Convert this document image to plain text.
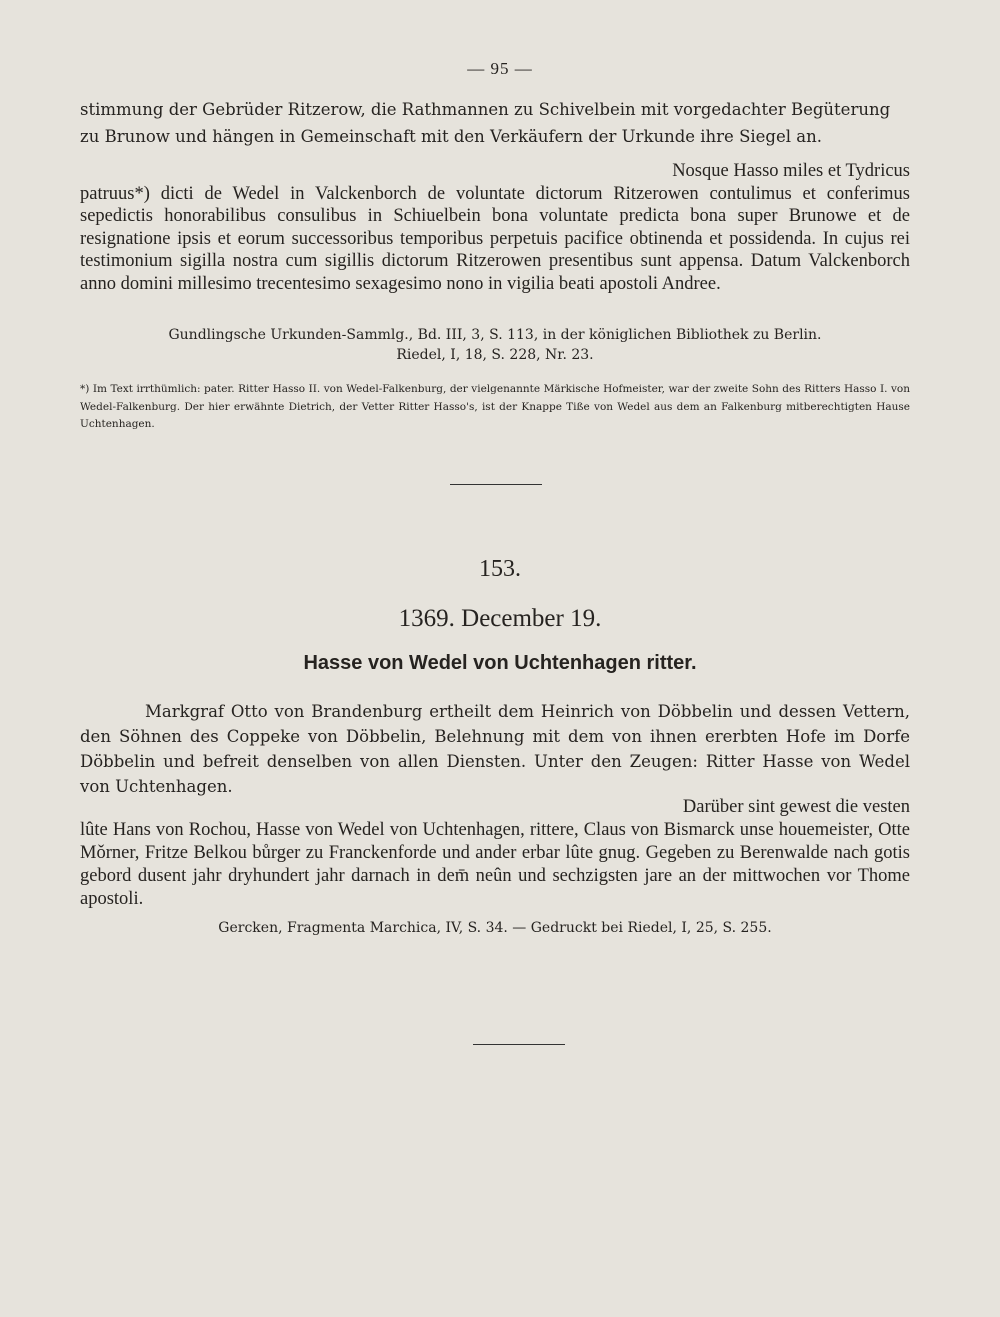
— 95 —

stimmung der Gebrüder Ritzerow, die Rathmannen zu Schivelbein mit vorgedachter Begüterung zu Brunow und hängen in Gemeinschaft mit den Verkäufern der Urkunde ihre Siegel an.

Nosque Hasso miles et Tydricus
patruus*) dicti de Wedel in Valckenborch de voluntate dictorum Ritzerowen contulimus et conferimus sepedictis honorabilibus consulibus in Schiuelbein bona voluntate predicta bona super Brunowe et de resignatione ipsis et eorum successoribus temporibus perpetuis pacifice obtinenda et possidenda. In cujus rei testimonium sigilla nostra cum sigillis dictorum Ritzerowen presentibus sunt appensa. Datum Valckenborch anno domini millesimo trecentesimo sexagesimo nono in vigilia beati apostoli Andree.
Gundlingsche Urkunden-Sammlg., Bd. III, 3, S. 113, in der königlichen Bibliothek zu Berlin.
Riedel, I, 18, S. 228, Nr. 23.

*) Im Text irrthümlich: pater. Ritter Hasso II. von Wedel-Falkenburg, der vielgenannte Märkische Hofmeister, war der zweite Sohn des Ritters Hasso I. von Wedel-Falkenburg. Der hier erwähnte Dietrich, der Vetter Ritter Hasso's, ist der Knappe Tiße von Wedel aus dem an Falkenburg mitberechtigten Hause Uchtenhagen.

153.
1369. December 19.
Hasse von Wedel von Uchtenhagen ritter.

Markgraf Otto von Brandenburg ertheilt dem Heinrich von Döbbelin und dessen Vettern, den Söhnen des Coppeke von Döbbelin, Belehnung mit dem von ihnen ererbten Hofe im Dorfe Döbbelin und befreit denselben von allen Diensten. Unter den Zeugen: Ritter Hasse von Wedel von Uchtenhagen.

Darüber sint gewest die vesten
lûte Hans von Rochou, Hasse von Wedel von Uchtenhagen, rittere, Claus von Bismarck unse houemeister, Otte Mǒrner, Fritze Belkou bůrger zu Franckenforde und ander erbar lûte gnug. Gegeben zu Berenwalde nach gotis gebord dusent jahr dryhundert jahr darnach in dem̄ neûn und sechzigsten jare an der mittwochen vor Thome apostoli.
Gercken, Fragmenta Marchica, IV, S. 34. — Gedruckt bei Riedel, I, 25, S. 255.
